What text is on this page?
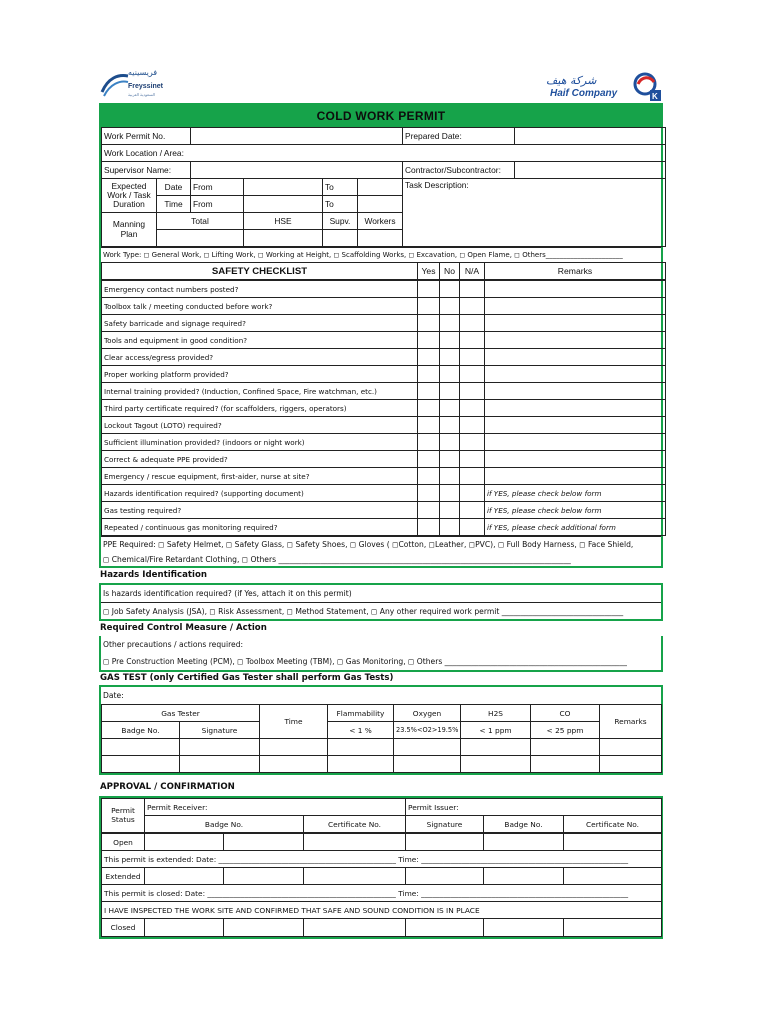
فريسينيه
Freyssinet
السعودية العربية
شركة هيف
Haif Company	K
COLD WORK PERMIT
Work Permit No.						Prepared Date:	
Work Location / Area:							
Supervisor Name:						Contractor/Subcontractor:	
Expected Work / Task Duration	Date	From		To		Task Description:	
	Time	From		To			
Manning Plan	Total		HSE	Supv.	Workers		

Work Type: ◻ General Work, ◻ Lifting Work, ◻ Working at Height, ◻ Scaffolding Works, ◻ Excavation, ◻ Open Flame, ◻ Others______________________
SAFETY CHECKLIST	Yes	No	N/A	Remarks
Emergency contact numbers posted?				
Toolbox talk / meeting conducted before work?				
Safety barricade and signage required?				
Tools and equipment in good condition?				
Clear access/egress provided?				
Proper working platform provided?				
Internal training provided? (Induction, Confined Space, Fire watchman, etc.)				
Third party certificate required? (for scaffolders, riggers, operators)				
Lockout Tagout (LOTO) required?				
Sufficient illumination provided? (indoors or night work)				
Correct & adequate PPE provided?				
Emergency / rescue equipment, first-aider, nurse at site?				
Hazards identification required? (supporting document)				if YES, please check below form
Gas testing required?				if YES, please check below form
Repeated / continuous gas monitoring required?				if YES, please check additional form
PPE Required: ◻ Safety Helmet, ◻ Safety Glass, ◻ Safety Shoes, ◻ Gloves ( ◻Cotton, ◻Leather, ◻PVC), ◻ Full Body Harness, ◻ Face Shield,
◻ Chemical/Fire Retardant Clothing, ◻ Others _____________________________________________________________________________
Hazards Identification
Is hazards identification required? (if Yes, attach it on this permit)
◻ Job Safety Analysis (JSA), ◻ Risk Assessment, ◻ Method Statement, ◻ Any other required work permit ________________________________
Required Control Measure / Action
Other precautions / actions required:
◻ Pre Construction Meeting (PCM), ◻ Toolbox Meeting (TBM), ◻ Gas Monitoring, ◻ Others ________________________________________________
GAS TEST (only Certified Gas Tester shall perform Gas Tests)
Date:
Gas Tester		Time	Flammability	Oxygen	H2S	CO	Remarks
Badge No.	Signature		< 1 %	23.5%<O2>19.5%	< 1 ppm	< 25 ppm	

APPROVAL / CONFIRMATION
Permit Status	Permit Receiver:		Permit Issuer:			
	Badge No.	Certificate No.	Signature	Badge No.	Certificate No.	
Open						
This permit is extended: Date: ________________________________________________ Time: ________________________________________________________						
Extended						
This permit is closed: Date: ___________________________________________________ Time: ________________________________________________________						
I HAVE INSPECTED THE WORK SITE AND CONFIRMED THAT SAFE AND SOUND CONDITION IS IN PLACE						
Closed						
